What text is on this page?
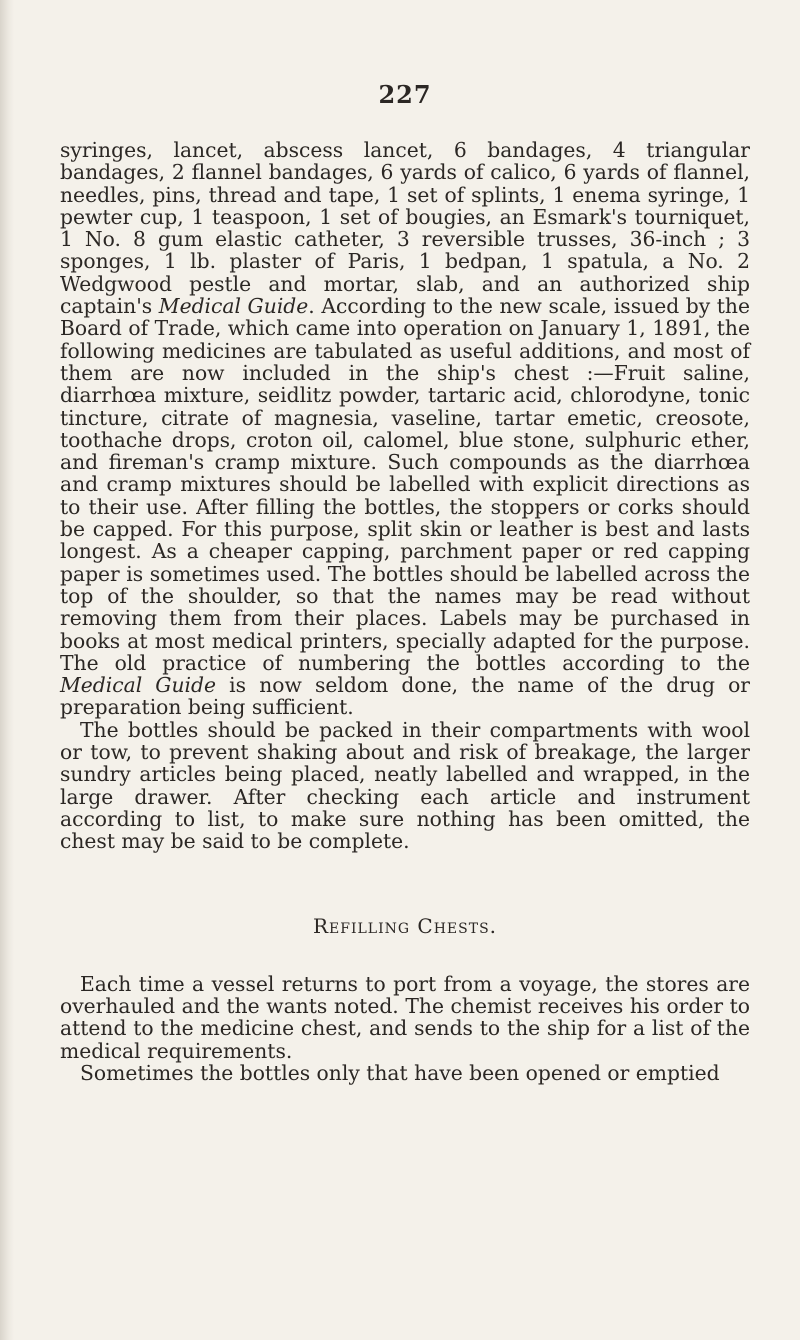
227

syringes, lancet, abscess lancet, 6 bandages, 4 triangular bandages, 2 flannel bandages, 6 yards of calico, 6 yards of flannel, needles, pins, thread and tape, 1 set of splints, 1 enema syringe, 1 pewter cup, 1 teaspoon, 1 set of bougies, an Esmark's tourniquet, 1 No. 8 gum elastic catheter, 3 reversible trusses, 36-inch ; 3 sponges, 1 lb. plaster of Paris, 1 bedpan, 1 spatula, a No. 2 Wedgwood pestle and mortar, slab, and an authorized ship captain's Medical Guide. According to the new scale, issued by the Board of Trade, which came into operation on January 1, 1891, the following medicines are tabulated as useful additions, and most of them are now included in the ship's chest :—Fruit saline, diarrhœa mixture, seidlitz powder, tartaric acid, chlorodyne, tonic tincture, citrate of magnesia, vaseline, tartar emetic, creosote, toothache drops, croton oil, calomel, blue stone, sulphuric ether, and fireman's cramp mixture. Such compounds as the diarrhœa and cramp mixtures should be labelled with explicit directions as to their use. After filling the bottles, the stoppers or corks should be capped. For this purpose, split skin or leather is best and lasts longest. As a cheaper capping, parchment paper or red capping paper is sometimes used. The bottles should be labelled across the top of the shoulder, so that the names may be read without removing them from their places. Labels may be purchased in books at most medical printers, specially adapted for the purpose. The old practice of numbering the bottles according to the Medical Guide is now seldom done, the name of the drug or preparation being sufficient.

The bottles should be packed in their compartments with wool or tow, to prevent shaking about and risk of breakage, the larger sundry articles being placed, neatly labelled and wrapped, in the large drawer. After checking each article and instrument according to list, to make sure nothing has been omitted, the chest may be said to be complete.

Refilling Chests.

Each time a vessel returns to port from a voyage, the stores are overhauled and the wants noted. The chemist receives his order to attend to the medicine chest, and sends to the ship for a list of the medical requirements.

Sometimes the bottles only that have been opened or emptied
